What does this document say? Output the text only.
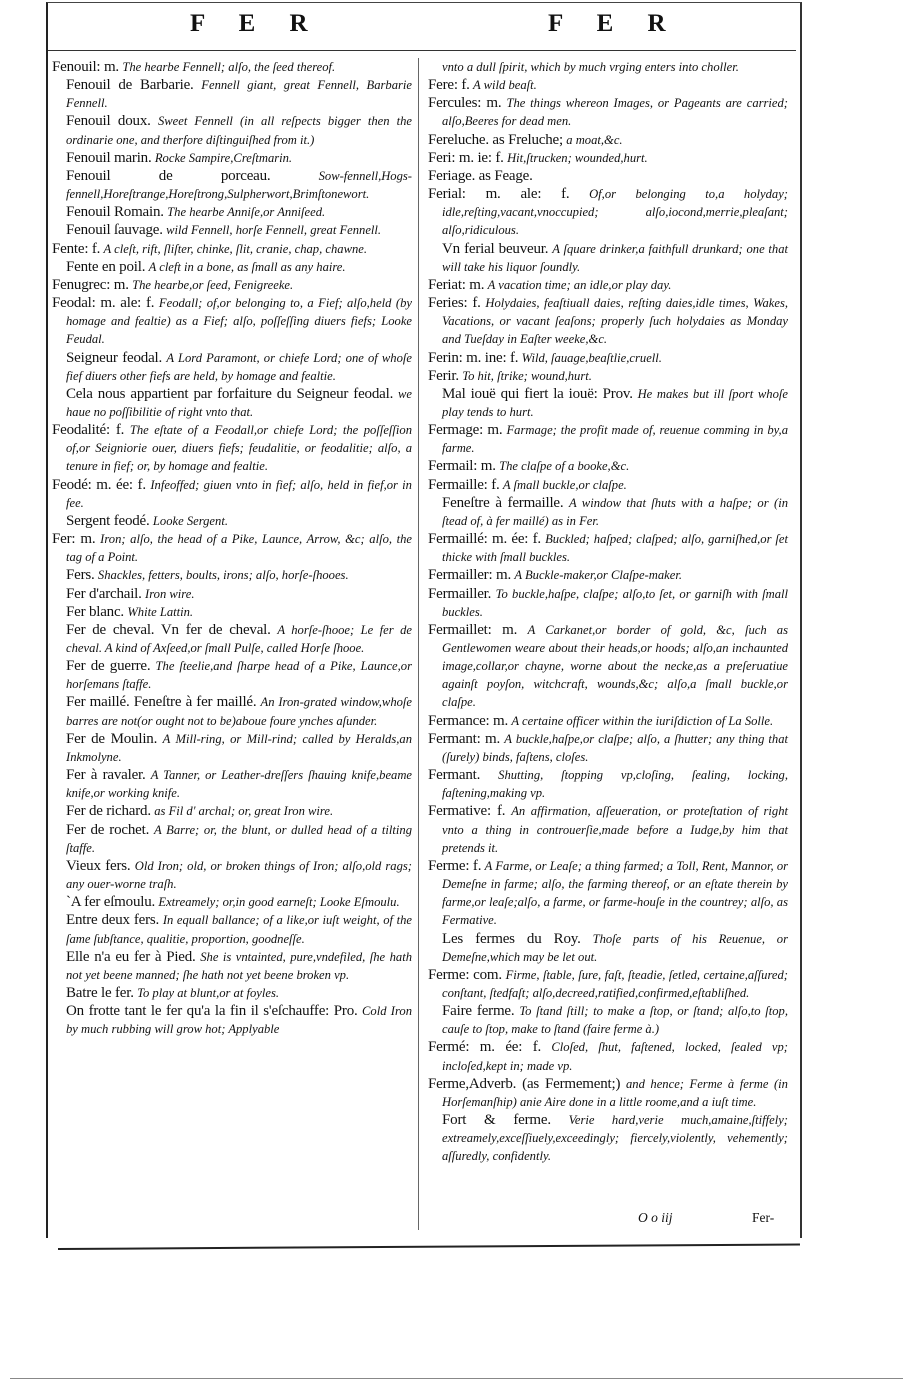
F E R	F E R

Fenouil: m. The hearbe Fennell; alſo, the ſeed thereof.

Fenouil de Barbarie. Fennell giant, great Fennell, Barbarie Fennell.

Fenouil doux. Sweet Fennell (in all reſpects bigger then the ordinarie one, and therfore diſtinguiſhed from it.)

Fenouil marin. Rocke Sampire,Creſtmarin.

Fenouil de porceau.	Sow-fennell,Hogs-fennell,Horeſtrange,Horeſtrong,Sulpherwort,Brimſtonewort.

Fenouil Romain. The hearbe Anniſe,or Anniſeed.

Fenouil ſauvage. wild Fennell, horſe Fennell, great Fennell.

Fente: f. A cleſt, rift, ſliſter, chinke, ſlit, cranie, chap, chawne.

Fente en poil. A cleft in a bone, as ſmall as any haire.

Fenugrec: m. The hearbe,or ſeed, Fenigreeke.

Feodal: m. ale: f. Feodall; of,or belonging to, a Fief; alſo,held (by homage and fealtie) as a Fief; alſo, poſſeſſing diuers fiefs; Looke Feudal.

Seigneur feodal. A Lord Paramont, or chiefe Lord; one of whoſe fief diuers other fiefs are held, by homage and fealtie.

Cela nous appartient par forfaiture du Seigneur feodal. we haue no poſſibilitie of right vnto that.

Feodalité: f. The eſtate of a Feodall,or chiefe Lord; the poſſeſſion of,or Seigniorie ouer, diuers fiefs; feudalitie, or feodalitie; alſo, a tenure in fief; or, by homage and fealtie.

Feodé: m. ée: f. Infeoffed; giuen vnto in fief; alſo, held in fief,or in fee.

Sergent feodé. Looke Sergent.

Fer: m. Iron; alſo, the head of a Pike, Launce, Arrow, &c; alſo, the tag of a Point.

Fers. Shackles, fetters, boults, irons; alſo, horſe-ſhooes.

Fer d'archail. Iron wire.

Fer blanc. White Lattin.

Fer de cheval. Vn fer de cheval. A horſe-ſhooe; Le fer de cheval. A kind of Axſeed,or ſmall Pulſe, called Horſe ſhooe.

Fer de guerre. The ſteelie,and ſharpe head of a Pike, Launce,or horſemans ſtaffe.

Fer maillé. Feneſtre à fer maillé. An Iron-grated window,whoſe barres are not(or ought not to be)aboue foure ynches aſunder.

Fer de Moulin. A Mill-ring, or Mill-rind; called by Heralds,an Inkmolyne.

Fer à ravaler. A Tanner, or Leather-dreſſers ſhauing knife,beame knife,or working knife.

Fer de richard. as Fil d' archal; or, great Iron wire.

Fer de rochet. A Barre; or, the blunt, or dulled head of a tilting ſtaffe.

Vieux fers. Old Iron; old, or broken things of Iron; alſo,old rags; any ouer-worne traſh.

`A fer eſmoulu. Extreamely; or,in good earneſt; Looke Eſmoulu.

Entre deux fers. In equall ballance; of a like,or iuſt weight, of the ſame ſubſtance, qualitie, proportion, goodneſſe.

Elle n'a eu fer à Pied. She is vntainted, pure,vndefiled, ſhe hath not yet beene manned; ſhe hath not yet beene broken vp.

Batre le fer. To play at blunt,or at foyles.

On frotte tant le fer qu'a la fin il s'eſchauffe: Pro. Cold Iron by much rubbing will grow hot; Applyable

vnto a dull ſpirit, which by much vrging enters into choller.

Fere: f. A wild beaſt.

Fercules: m. The things whereon Images, or Pageants are carried; alſo,Beeres for dead men.

Fereluche. as Freluche; a moat,&c.

Feri: m. ie: f. Hit,ſtrucken; wounded,hurt.

Feriage. as Feage.

Ferial: m. ale: f. Of,or belonging to,a holyday; idle,reſting,vacant,vnoccupied; alſo,iocond,merrie,pleaſant; alſo,ridiculous.

Vn ferial beuveur. A ſquare drinker,a faithfull drunkard; one that will take his liquor ſoundly.

Feriat: m. A vacation time; an idle,or play day.

Feries: f. Holydaies, feaſtiuall daies, reſting daies,idle times, Wakes, Vacations, or vacant ſeaſons; properly ſuch holydaies as Monday and Tueſday in Eaſter weeke,&c.

Ferin: m. ine: f. Wild, ſauage,beaſtlie,cruell.

Ferir. To hit, ſtrike; wound,hurt.

Mal iouë qui fiert la iouë: Prov. He makes but ill ſport whoſe play tends to hurt.

Fermage: m. Farmage; the profit made of, reuenue comming in by,a farme.

Fermail: m. The claſpe of a booke,&c.

Fermaille: f. A ſmall buckle,or claſpe.

Feneſtre à fermaille. A window that ſhuts with a haſpe; or (in ſtead of, à fer maillé) as in Fer.

Fermaillé: m. ée: f. Buckled; haſped; claſped; alſo, garniſhed,or ſet thicke with ſmall buckles.

Fermailler: m. A Buckle-maker,or Claſpe-maker.

Fermailler. To buckle,haſpe, claſpe; alſo,to ſet, or garniſh with ſmall buckles.

Fermaillet: m. A Carkanet,or border of gold, &c, ſuch as Gentlewomen weare about their heads,or hoods; alſo,an inchaunted image,collar,or chayne, worne about the necke,as a preſeruatiue againſt poyſon, witchcraft, wounds,&c; alſo,a ſmall buckle,or claſpe.

Fermance: m. A certaine officer within the iuriſdiction of La Solle.

Fermant: m. A buckle,haſpe,or claſpe; alſo, a ſhutter; any thing that (ſurely) binds, faſtens, cloſes.

Fermant. Shutting, ſtopping vp,cloſing, ſealing, locking, faſtening,making vp.

Fermative: f. An affirmation, aſſeueration, or proteſtation of right vnto a thing in controuerſie,made before a Iudge,by him that pretends it.

Ferme: f. A Farme, or Leaſe; a thing farmed; a Toll, Rent, Mannor, or Demeſne in farme; alſo, the farming thereof, or an eſtate therein by farme,or leaſe;alſo, a farme, or farme-houſe in the countrey; alſo, as Fermative.

Les fermes du Roy. Thoſe parts of his Reuenue, or Demeſne,which may be let out.

Ferme: com. Firme, ſtable, ſure, faſt, ſteadie, ſetled, certaine,aſſured; conſtant, ſtedfaſt; alſo,decreed,ratified,confirmed,eſtabliſhed.

Faire ferme. To ſtand ſtill; to make a ſtop, or ſtand; alſo,to ſtop, cauſe to ſtop, make to ſtand (faire ferme à.)

Fermé: m. ée: f. Cloſed, ſhut, faſtened, locked, ſealed vp; incloſed,kept in; made vp.

Ferme,Adverb. (as Fermement;) and hence; Ferme à ferme (in Horſemanſhip) anie Aire done in a little roome,and a iuſt time.

Fort & ferme. Verie hard,verie much,amaine,ſtiffely; extreamely,exceſſiuely,exceedingly; fiercely,violently, vehemently; aſſuredly, confidently.

O o iij	Fer-
